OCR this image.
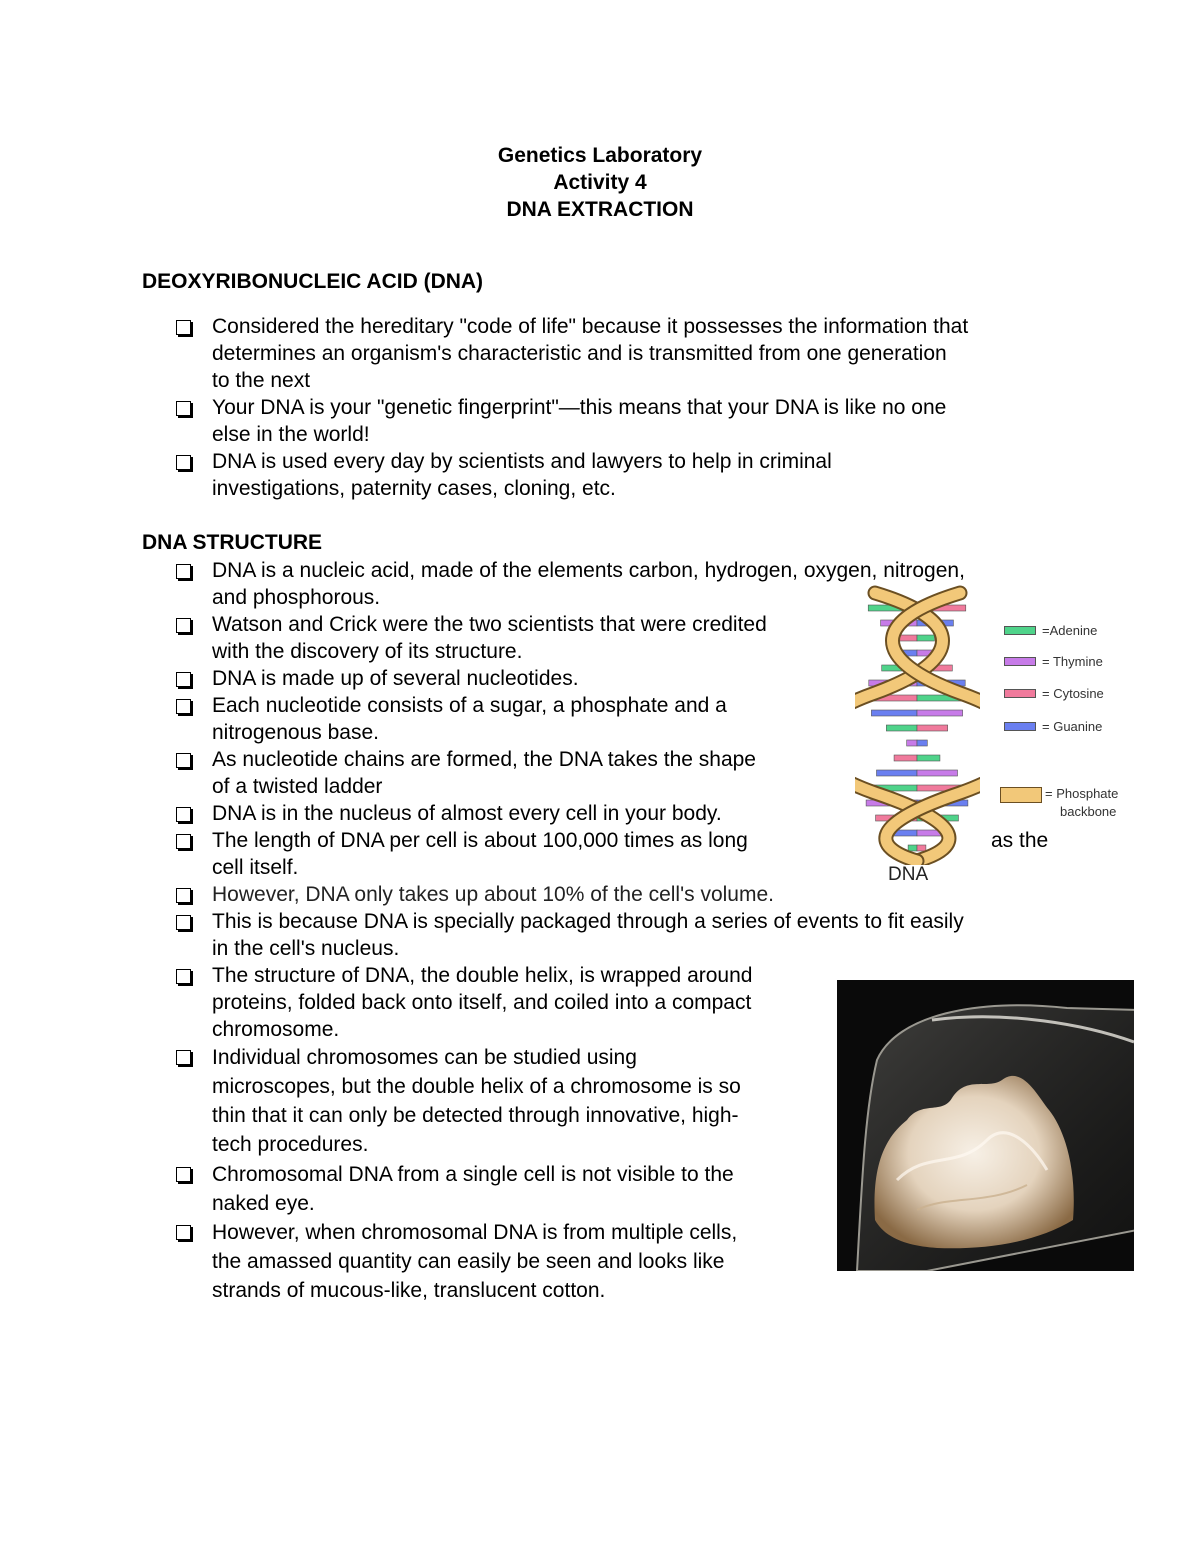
Genetics Laboratory
Activity 4
DNA EXTRACTION
DEOXYRIBONUCLEIC ACID (DNA)
Considered the hereditary "code of life" because it possesses the information that
determines an organism's characteristic and is transmitted from one generation
to the next
Your DNA is your "genetic fingerprint"—this means that your DNA is like no one
else in the world!
DNA is used every day by scientists and lawyers to help in criminal
investigations, paternity cases, cloning, etc.
DNA STRUCTURE
DNA is a nucleic acid, made of the elements carbon, hydrogen, oxygen, nitrogen,
and phosphorous.
Watson and Crick were the two scientists that were credited
with the discovery of its structure.
DNA is made up of several nucleotides.
Each nucleotide consists of a sugar, a phosphate and a
nitrogenous base.
As nucleotide chains are formed, the DNA takes the shape
of a twisted ladder
DNA is in the nucleus of almost every cell in your body.
The length of DNA per cell is about 100,000 times as long	as the
cell itself.
However, DNA only takes up about 10% of the cell's volume.
This is because DNA is specially packaged through a series of events to fit easily
in the cell's nucleus.
The structure of DNA, the double helix, is wrapped around
proteins, folded back onto itself, and coiled into a compact
chromosome.
Individual chromosomes can be studied using
microscopes, but the double helix of a chromosome is so
thin that it can only be detected through innovative, high-
tech procedures.
Chromosomal DNA from a single cell is not visible to the
naked eye.
However, when chromosomal DNA is from multiple cells,
the amassed quantity can easily be seen and looks like
strands of mucous-like, translucent cotton.
DNA
=Adenine
= Thymine
= Cytosine
= Guanine
= Phosphate
backbone
